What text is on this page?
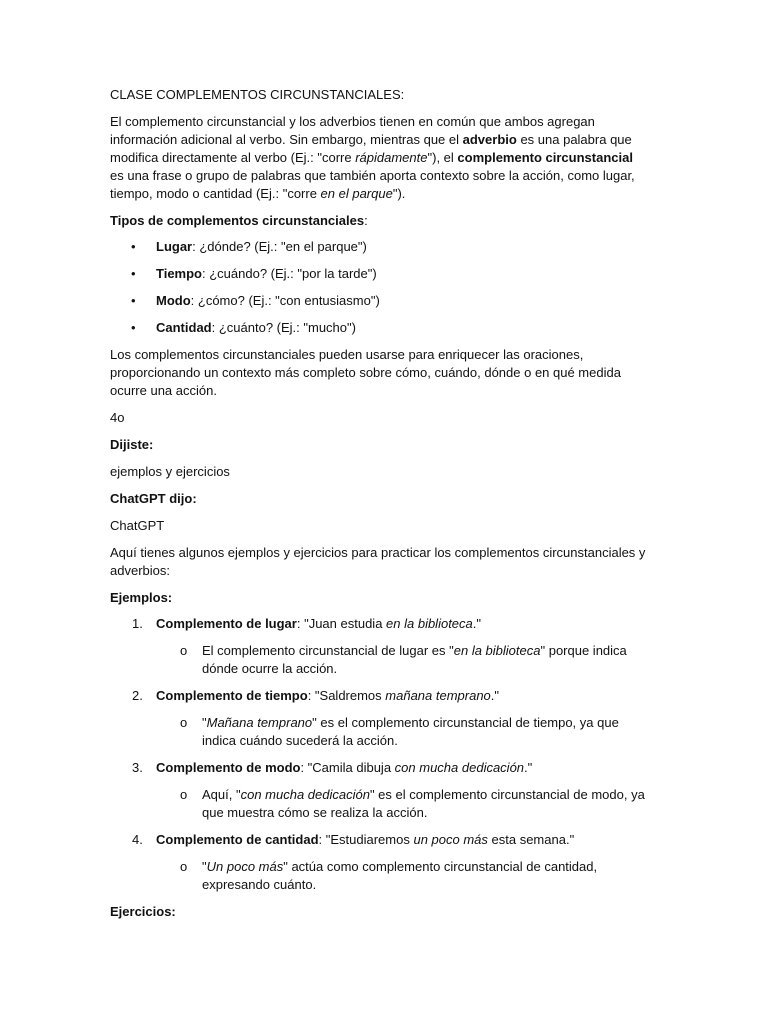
CLASE COMPLEMENTOS CIRCUNSTANCIALES:

El complemento circunstancial y los adverbios tienen en común que ambos agregan información adicional al verbo. Sin embargo, mientras que el adverbio es una palabra que modifica directamente al verbo (Ej.: "corre rápidamente"), el complemento circunstancial es una frase o grupo de palabras que también aporta contexto sobre la acción, como lugar, tiempo, modo o cantidad (Ej.: "corre en el parque").

Tipos de complementos circunstanciales:

• Lugar: ¿dónde? (Ej.: "en el parque")
• Tiempo: ¿cuándo? (Ej.: "por la tarde")
• Modo: ¿cómo? (Ej.: "con entusiasmo")
• Cantidad: ¿cuánto? (Ej.: "mucho")

Los complementos circunstanciales pueden usarse para enriquecer las oraciones, proporcionando un contexto más completo sobre cómo, cuándo, dónde o en qué medida ocurre una acción.

4o

Dijiste:

ejemplos y ejercicios

ChatGPT dijo:

ChatGPT

Aquí tienes algunos ejemplos y ejercicios para practicar los complementos circunstanciales y adverbios:

Ejemplos:

1. Complemento de lugar: "Juan estudia en la biblioteca."
o El complemento circunstancial de lugar es "en la biblioteca" porque indica dónde ocurre la acción.
2. Complemento de tiempo: "Saldremos mañana temprano."
o "Mañana temprano" es el complemento circunstancial de tiempo, ya que indica cuándo sucederá la acción.
3. Complemento de modo: "Camila dibuja con mucha dedicación."
o Aquí, "con mucha dedicación" es el complemento circunstancial de modo, ya que muestra cómo se realiza la acción.
4. Complemento de cantidad: "Estudiaremos un poco más esta semana."
o "Un poco más" actúa como complemento circunstancial de cantidad, expresando cuánto.

Ejercicios:
